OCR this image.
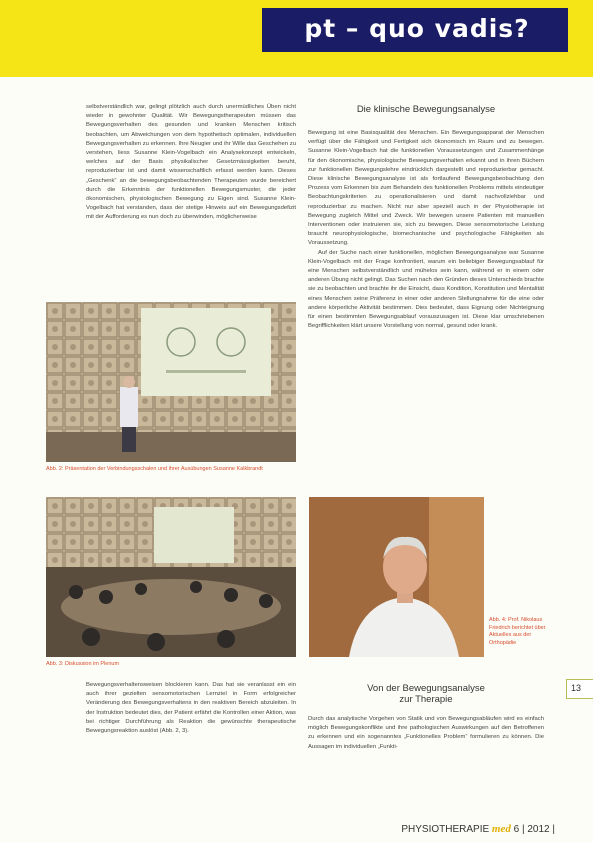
pt – quo vadis?

selbstverständlich war, gelingt plötzlich auch durch unermüdliches Üben nicht wieder in gewohnter Qualität. Wir Bewegungstherapeuten müssen das Bewegungsverhalten des gesunden und kranken Menschen kritisch beobachten, um Abweichungen von dem hypothetisch optimalen, individuellen Bewegungsverhalten zu erkennen. Ihre Neugier und ihr Wille das Geschehen zu verstehen, liess Susanne Klein-Vogelbach ein Analysekonzept entwickeln, welches auf der Basis physikalischer Gesetzmässigkeiten beruht, reproduzierbar ist und damit wissenschaftlich erfasst werden kann. Dieses „Geschenk“ an die bewegungsbeobachtenden Therapeuten wurde bereichert durch die Erkenntnis der funktionellen Bewegungsmuster, die jeder ökonomischen, physiologischen Bewegung zu Eigen sind. Susanne Klein-Vogelbach hat verstanden, dass der stetige Hinweis auf ein Bewegungsdefizit mit der Aufforderung es nun doch zu überwinden, möglicherweise

Abb. 2: Präsentation der Verbindungsschalen und ihrer Ausübungen Susanne Kalkbrandt
Die klinische Bewegungsanalyse

Bewegung ist eine Basisqualität des Menschen. Ein Bewegungsapparat der Menschen verfügt über die Fähigkeit und Fertigkeit sich ökonomisch im Raum und zu bewegen. Susanne Klein-Vogelbach hat die funktionellen Voraussetzungen und Zusammenhänge für den ökonomische, physiologische Bewegungsverhalten erkannt und in ihren Büchern zur funktionellen Bewegungslehre eindrücklich dargestellt und reproduzierbar gemacht. Diese klinische Bewegungsanalyse ist als fortlaufend Bewegungsbeobachtung den Prozess vom Erkennen bis zum Behandeln des funktionellen Problems mittels eindeutiger Beobachtungskriterien zu operationalisieren und damit nachvollziehbar und reproduzierbar zu machen. Nicht nur aber speziell auch in der Physiotherapie ist Bewegung zugleich Mittel und Zweck. Wir bewegen unsere Patienten mit manuellen Interventionen oder instruieren sie, sich zu bewegen. Diese sensomotorische Leistung braucht neurophysiologische, biomechanische und psychologische Fähigkeiten als Voraussetzung.

Auf der Suche nach einer funktionellen, möglichen Bewegungsanalyse war Susanne Klein-Vogelbach mit der Frage konfrontiert, warum ein beliebiger Bewegungsablauf für eine Menschen selbstverständlich und mühelos sein kann, während er in einem oder anderen Übung nicht gelingt. Das Suchen nach den Gründen dieses Unterschieds brachte sie zu beobachten und brachte ihr die Einsicht, dass Kondition, Konstitution und Mentalität eines Menschen seine Präferenz in einer oder anderen Stellungnahme für die eine oder andere körperliche Aktivität bestimmen. Dies bedeutet, dass Eignung oder Nichteignung für einen bestimmten Bewegungsablauf vorauszusagen ist. Diese klar umschriebenen Begrifflichkeiten klärt unsere Vorstellung von normal, gesund oder krank.

Abb. 3: Diskussion im Plenum
Abb. 4: Prof. Nikolaus Friedrich berichtet über Aktuelles aus der Orthopädie

Bewegungsverhaltensweisen blockieren kann. Das hat sie veranlasst ein ein auch ihrer gezielten sensomotorischen Lernziel in Form erfolgreicher Veränderung des Bewegungsverhaltens in den reaktiven Bereich abzuleiten. In der Instruktion bedeutet dies, der Patient erfährt die Kontrollen einer Aktion, was bei richtiger Durchführung als Reaktion die gewünschte therapeutische Bewegungsreaktion auslöst (Abb. 2, 3).

Von der Bewegungsanalyse
zur Therapie

Durch das analytische Vorgehen von Statik und von Bewegungsabläufen wird es einfach möglich Bewegungskonflikte und ihre pathologischen Auswirkungen auf den Betroffenen zu erkennen und ein sogenanntes „Funktionelles Problem“ formulieren zu können. Die Aussagen im individuellen „Funkti-

13
PHYSIOTHERAPIE med 6 | 2012 |
